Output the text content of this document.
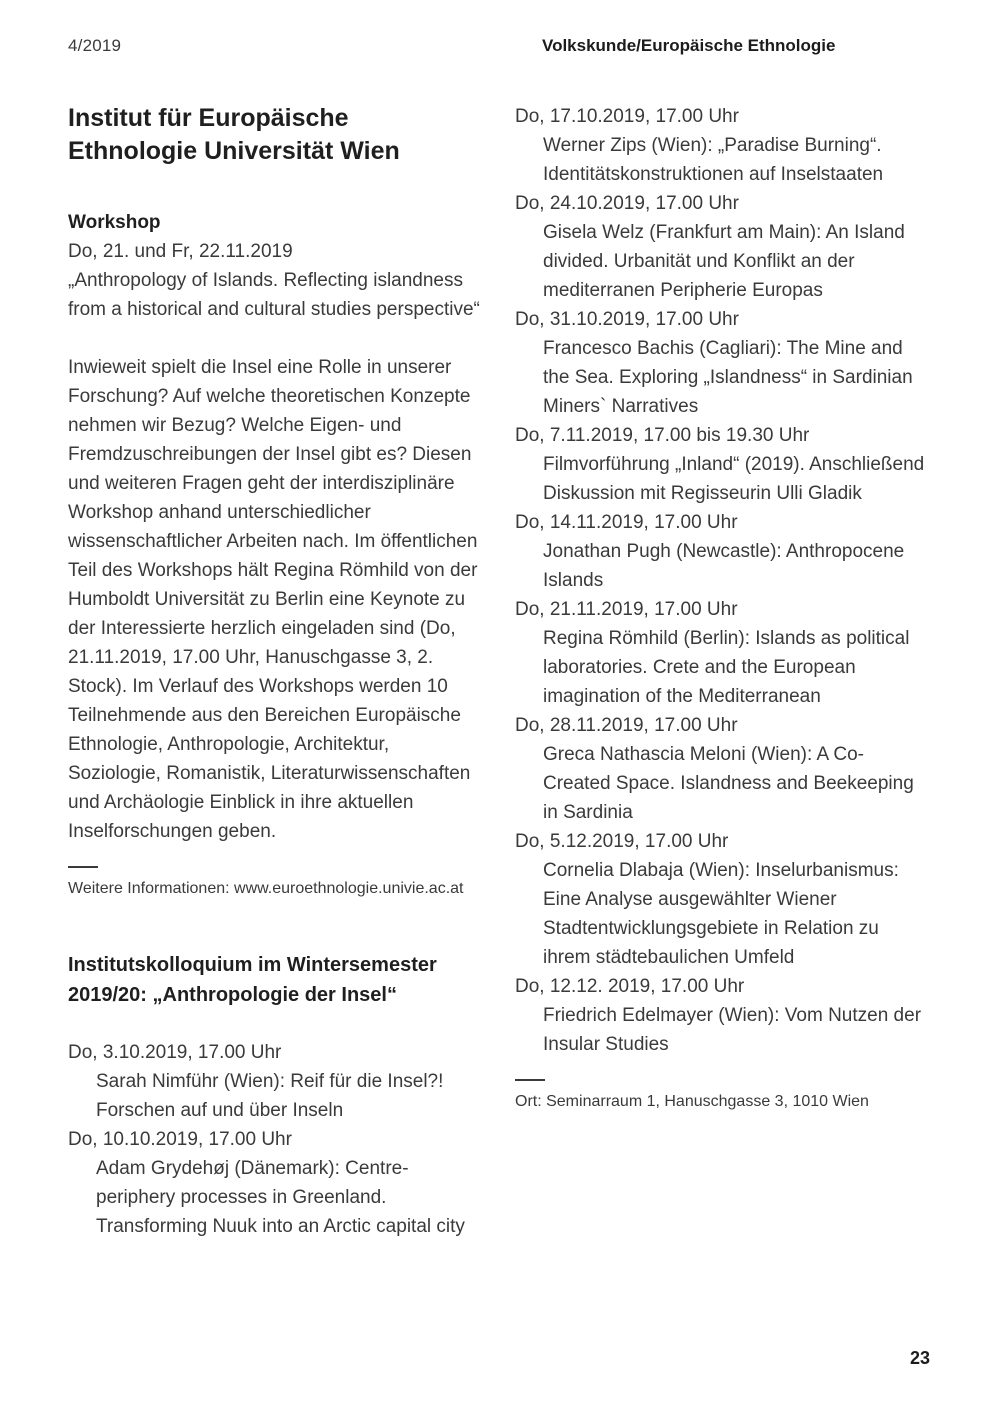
4/2019	Volkskunde/Europäische Ethnologie
Institut für Europäische Ethnologie Universität Wien
Workshop
Do, 21. und Fr, 22.11.2019
„Anthropology of Islands. Reflecting islandness from a historical and cultural studies perspective“
Inwieweit spielt die Insel eine Rolle in unserer Forschung? Auf welche theoretischen Konzepte nehmen wir Bezug? Welche Eigen- und Fremdzuschreibungen der Insel gibt es? Diesen und weiteren Fragen geht der interdisziplinäre Workshop anhand unterschiedlicher wissenschaftlicher Arbeiten nach. Im öffentlichen Teil des Workshops hält Regina Römhild von der Humboldt Universität zu Berlin eine Keynote zu der Interessierte herzlich eingeladen sind (Do, 21.11.2019, 17.00 Uhr, Hanuschgasse 3, 2. Stock). Im Verlauf des Workshops werden 10 Teilnehmende aus den Bereichen Europäische Ethnologie, Anthropologie, Architektur, Soziologie, Romanistik, Literaturwissenschaften und Archäologie Einblick in ihre aktuellen Inselforschungen geben.
Weitere Informationen: www.euroethnologie.univie.ac.at
Institutskolloquium im Wintersemester 2019/20: „Anthropologie der Insel“
Do, 3.10.2019, 17.00 Uhr
Sarah Nimführ (Wien): Reif für die Insel?! Forschen auf und über Inseln
Do, 10.10.2019, 17.00 Uhr
Adam Grydehøj (Dänemark): Centre-periphery processes in Greenland. Transforming Nuuk into an Arctic capital city
Do, 17.10.2019, 17.00 Uhr
Werner Zips (Wien): „Paradise Burning“. Identitätskonstruktionen auf Inselstaaten
Do, 24.10.2019, 17.00 Uhr
Gisela Welz (Frankfurt am Main): An Island divided. Urbanität und Konflikt an der mediterranen Peripherie Europas
Do, 31.10.2019, 17.00 Uhr
Francesco Bachis (Cagliari): The Mine and the Sea. Exploring „Islandness“ in Sardinian Miners` Narratives
Do, 7.11.2019, 17.00 bis 19.30 Uhr
Filmvorführung „Inland“ (2019). Anschließend Diskussion mit Regisseurin Ulli Gladik
Do, 14.11.2019, 17.00 Uhr
Jonathan Pugh (Newcastle): Anthropocene Islands
Do, 21.11.2019, 17.00 Uhr
Regina Römhild (Berlin): Islands as political laboratories. Crete and the European imagination of the Mediterranean
Do, 28.11.2019, 17.00 Uhr
Greca Nathascia Meloni (Wien): A Co-Created Space. Islandness and Beekeeping in Sardinia
Do, 5.12.2019, 17.00 Uhr
Cornelia Dlabaja (Wien): Inselurbanismus: Eine Analyse ausgewählter Wiener Stadtentwicklungsgebiete in Relation zu ihrem städtebaulichen Umfeld
Do, 12.12. 2019, 17.00 Uhr
Friedrich Edelmayer (Wien): Vom Nutzen der Insular Studies
Ort: Seminarraum 1, Hanuschgasse 3, 1010 Wien
23
